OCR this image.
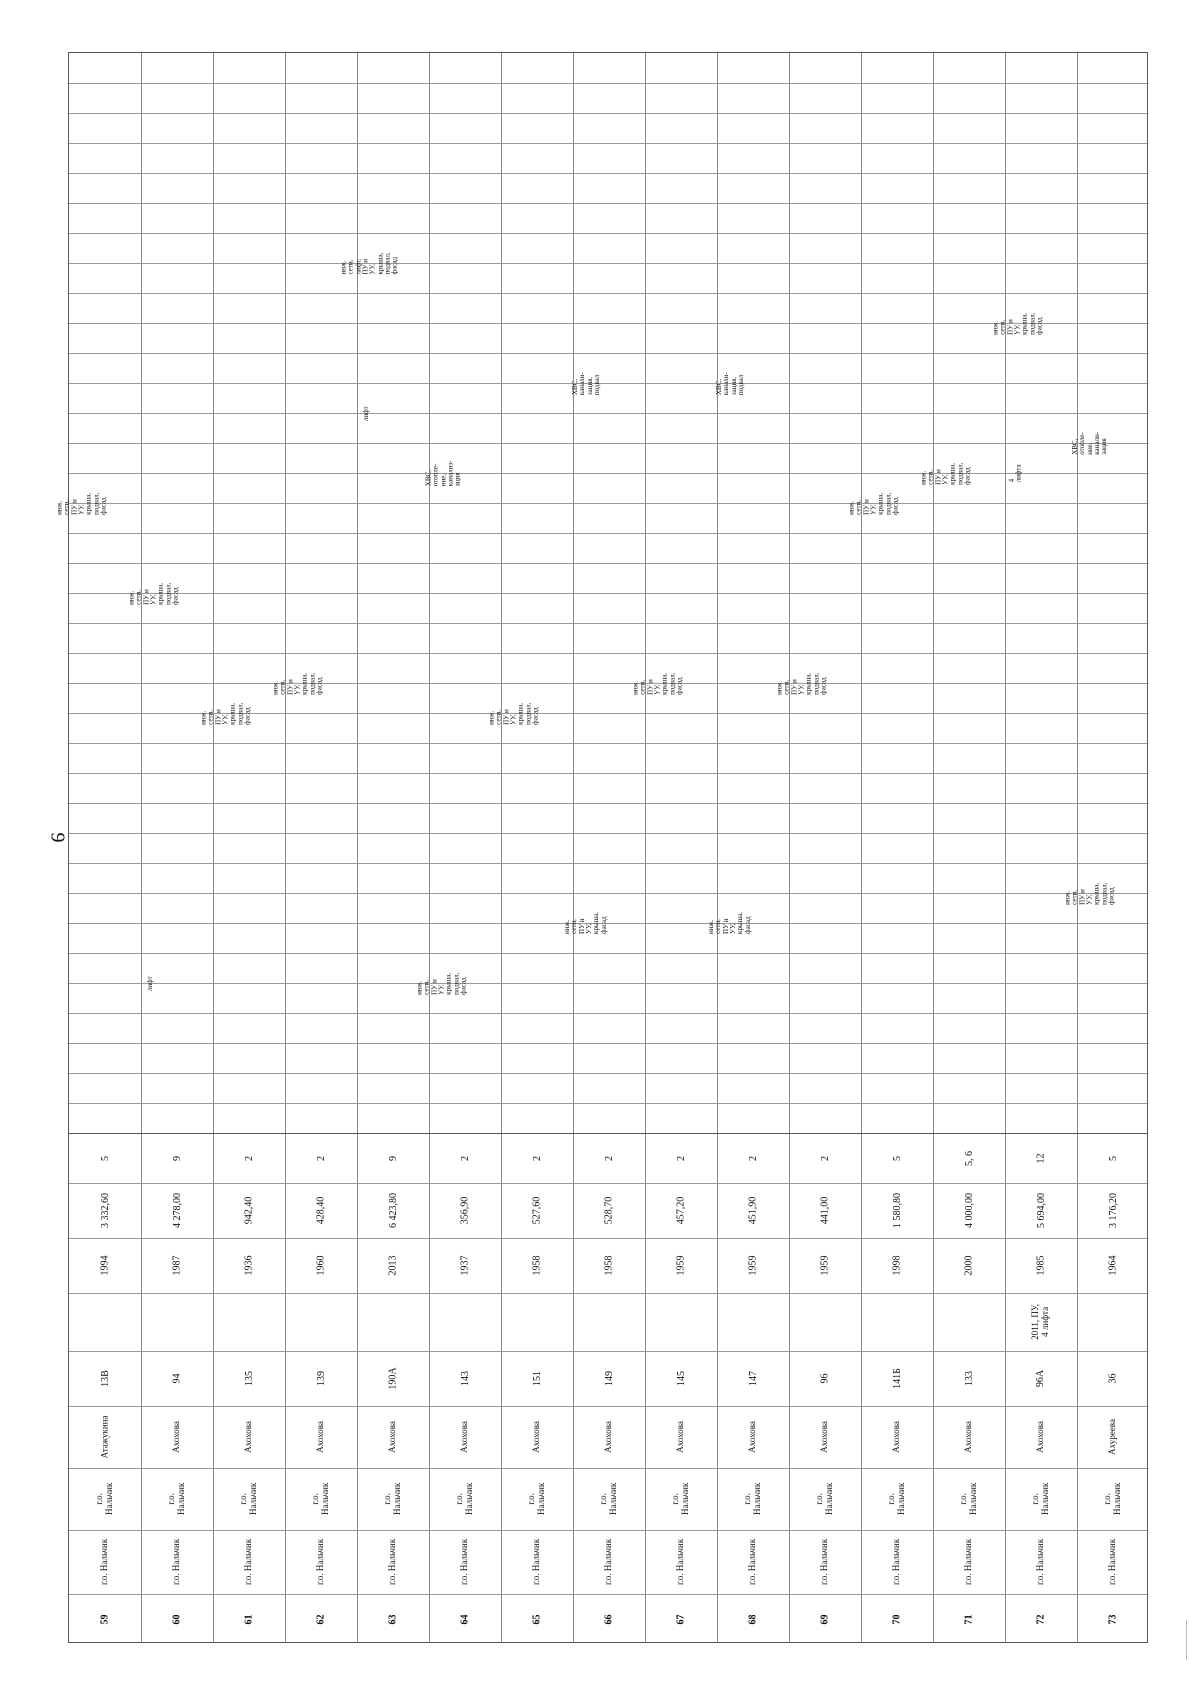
9
5
3 332,60
1994
13В
Атажукина
г.о.
Нальчик
г.о. Нальчик
59
инж.
сети,
ПУ и
УУ,
крыша,
подвал,
фасад
9
4 278,00
1987
94
Ахохова
г.о.
Нальчик
г.о. Нальчик
60
инж.
сети,
ПУ и
УУ,
крыша,
подвал,
фасад
лифт
2
942,40
1936
135
Ахохова
г.о.
Нальчик
г.о. Нальчик
61
инж.
сети,
ПУ и
УУ,
крыша,
подвал,
фасад
2
428,40
1960
139
Ахохова
г.о.
Нальчик
г.о. Нальчик
62
инж.
сети,
ПУ и
УУ,
крыша,
подвал,
фасад
9
6 423,80
2013
190А
Ахохова
г.о.
Нальчик
г.о. Нальчик
63
инж.
сети,
лифт,
ПУ и
УУ,
крыша,
подвал,
фасад
лифт
2
356,90
1937
143
Ахохова
г.о.
Нальчик
г.о. Нальчик
64
ХВС,
отопле-
ние,
канализ-
ация
инж.
сети,
ПУ и
УУ,
крыша,
подвал,
фасад
2
527,60
1958
151
Ахохова
г.о.
Нальчик
г.о. Нальчик
65
инж.
сети,
ПУ и
УУ,
крыша,
подвал,
фасад
2
528,70
1958
149
Ахохова
г.о.
Нальчик
г.о. Нальчик
66
ХВС,
канали-
зация,
подвал
инж.
сети,
ПУ и
УУ,
крыша,
фасад
2
457,20
1959
145
Ахохова
г.о.
Нальчик
г.о. Нальчик
67
инж.
сети,
ПУ и
УУ,
крыша,
подвал,
фасад
2
451,90
1959
147
Ахохова
г.о.
Нальчик
г.о. Нальчик
68
ХВС,
канали-
зация,
подвал
инж.
сети,
ПУ и
УУ,
крыша,
фасад
2
441,00
1959
96
Ахохова
г.о.
Нальчик
г.о. Нальчик
69
инж.
сети,
ПУ и
УУ,
крыша,
подвал,
фасад
5
1 580,80
1998
141Б
Ахохова
г.о.
Нальчик
г.о. Нальчик
70
инж.
сети,
ПУ и
УУ,
крыша,
подвал,
фасад
5, 6
4 000,00
2000
133
Ахохова
г.о.
Нальчик
г.о. Нальчик
71
инж.
сети,
ПУ и
УУ,
крыша,
подвал,
фасад
12
5 694,00
1985
2011, ПУ,
4 лифта
96А
Ахохова
г.о.
Нальчик
г.о. Нальчик
72
инж.
сети,
ПУ и
УУ,
крыша,
подвал,
фасад
4
лифта
5
3 176,20
1964
36
Ахуреева
г.о.
Нальчик
г.о. Нальчик
73
ХВС,
отопле-
ние,
канали-
зация
инж.
сети,
ПУ и
УУ,
крыша,
подвал,
фасад
